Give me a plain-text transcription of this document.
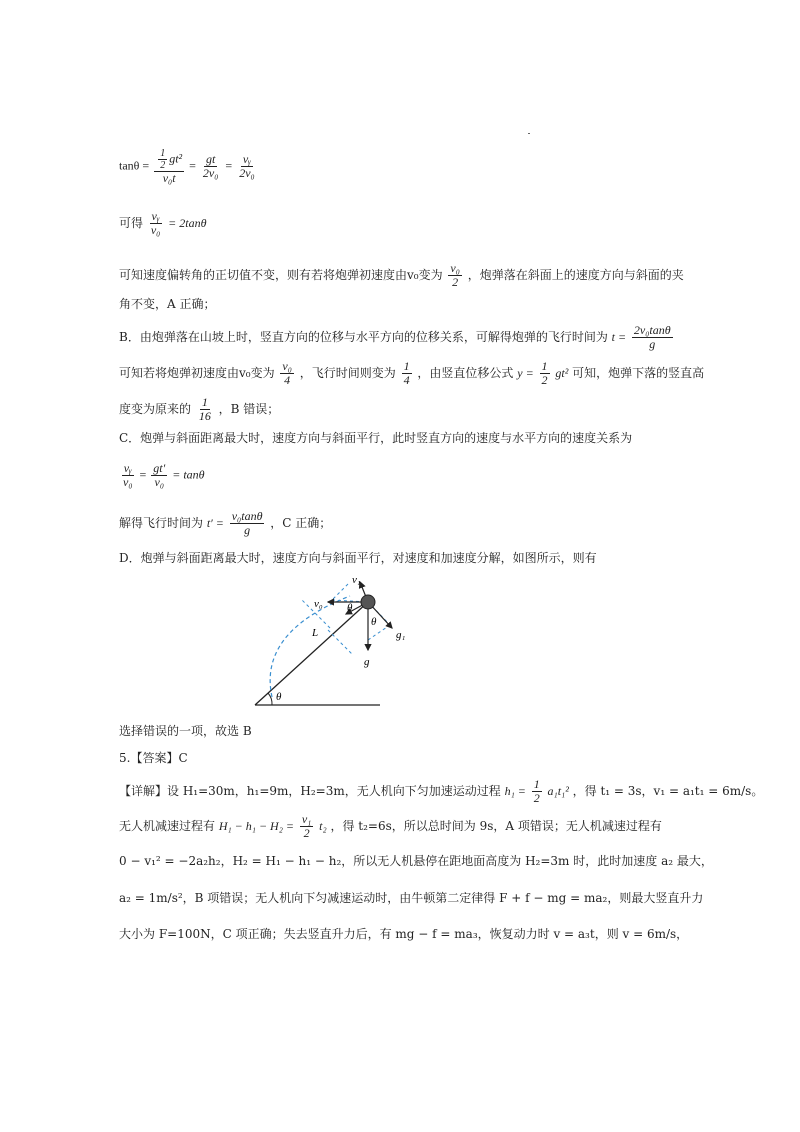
$\tan\theta = \frac{\frac{1}{2} gt^2}{\text{v₀t}} = \frac{gt}{\text{2v₀}} = \frac{\text{vᵧ}}{\text{2v₀}}$
可得 $\frac{\text{vᵧ}}{\text{v₀}} = 2\tan\theta$
可知速度偏转角的正切值不变，则有若将炮弹初速度由v₀变为 $\frac{\text{v₀}}{2}$ ，炮弹落在斜面上的速度方向与斜面的夹
角不变，A 正确；
B．由炮弹落在山坡上时，竖直方向的位移与水平方向的位移关系，可解得炮弹的飞行时间为 $t = \frac{\text{2v₀tanθ}}{g}$
可知若将炮弹初速度由v₀变为 $\frac{\text{v₀}}{4}$ ，飞行时间则变为 $\frac{1}{4}$ ，由竖直位移公式 $y = \frac{1}{2} gt^2$ 可知，炮弹下落的竖直高
度变为原来的 $\frac{1}{16}$ ，B 错误；
C．炮弹与斜面距离最大时，速度方向与斜面平行，此时竖直方向的速度与水平方向的速度关系为
$\frac{\text{vᵧ}}{\text{v₀}} = \frac{gt'}{\text{v₀}} = \tan\theta$
解得飞行时间为 $t' = \frac{\text{v₀tanθ}}{g}$ ，C 正确；
D．炮弹与斜面距离最大时，速度方向与斜面平行，对速度和加速度分解，如图所示，则有
v₁
v₀ θ
θ
L	g₁
g
θ
选择错误的一项，故选 B
5.【答案】C
【详解】设 H₁=30m，h₁=9m，H₂=3m，无人机向下匀加速运动过程 $h_1 = \frac{1}{2} a_1t_1^2$ ，得 t₁ = 3s，v₁ = a₁t₁ = 6m/s。
无人机减速过程有 $H_1 - h_1 - H_2 = \frac{\text{v₁}}{2} t_2$ ，得 t₂=6s，所以总时间为 9s，A 项错误；无人机减速过程有
0 − v₁² = −2a₂h₂，H₂ = H₁ − h₁ − h₂，所以无人机悬停在距地面高度为 H₂=3m 时，此时加速度 a₂ 最大，
a₂ = 1m/s²，B 项错误；无人机向下匀减速运动时，由牛顿第二定律得 F + f − mg = ma₂，则最大竖直升力
大小为 F=100N，C 项正确；失去竖直升力后，有 mg − f = ma₃，恢复动力时 v = a₃t，则 v = 6m/s，
